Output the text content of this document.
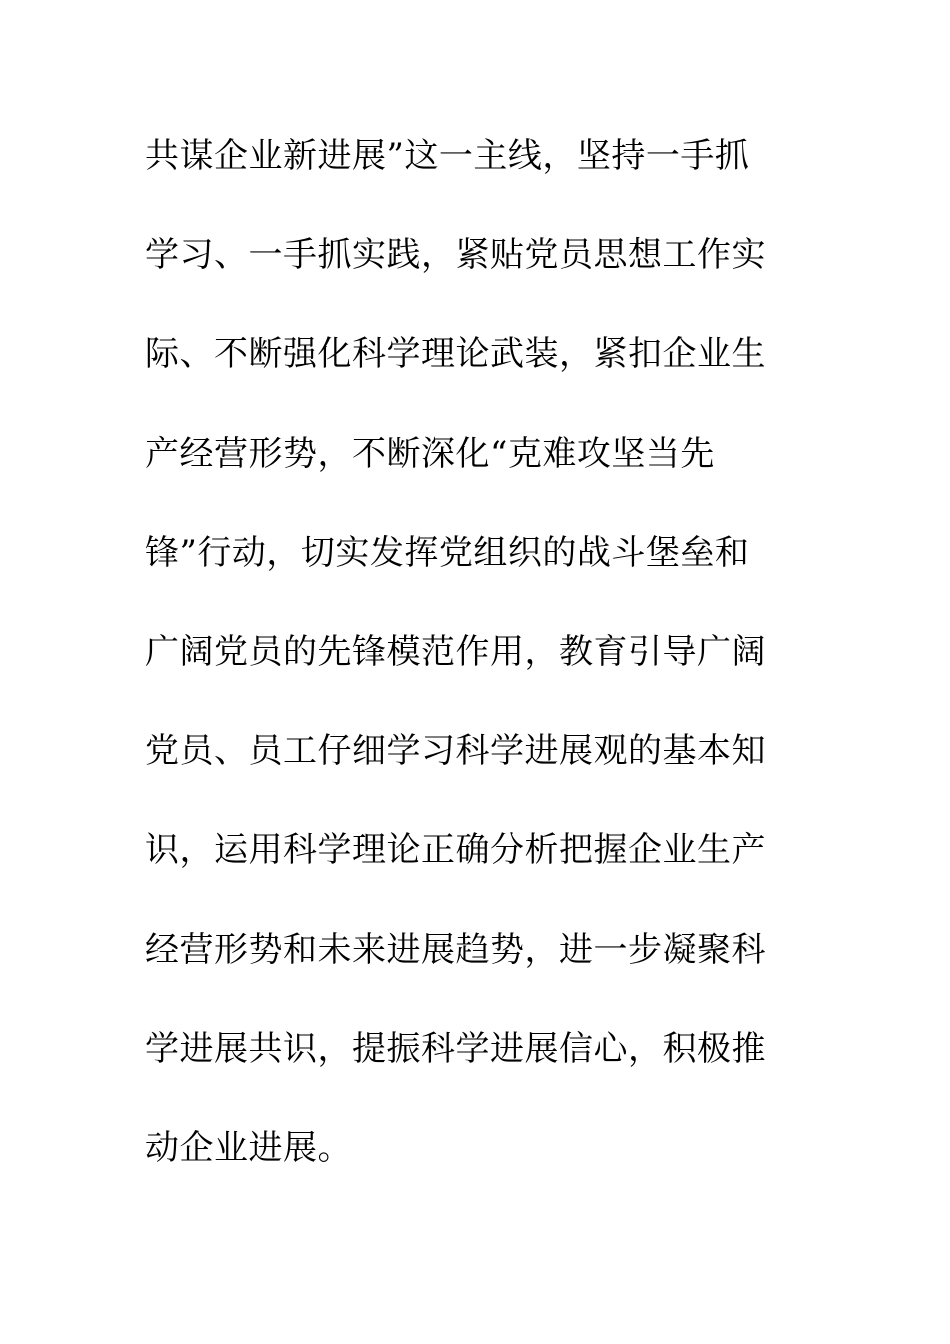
共谋企业新进展”这一主线，坚持一手抓
学习、一手抓实践，紧贴党员思想工作实
际、不断强化科学理论武装，紧扣企业生
产经营形势，不断深化“克难攻坚当先
锋”行动，切实发挥党组织的战斗堡垒和
广阔党员的先锋模范作用，教育引导广阔
党员、员工仔细学习科学进展观的基本知
识，运用科学理论正确分析把握企业生产
经营形势和未来进展趋势，进一步凝聚科
学进展共识，提振科学进展信心，积极推
动企业进展。
